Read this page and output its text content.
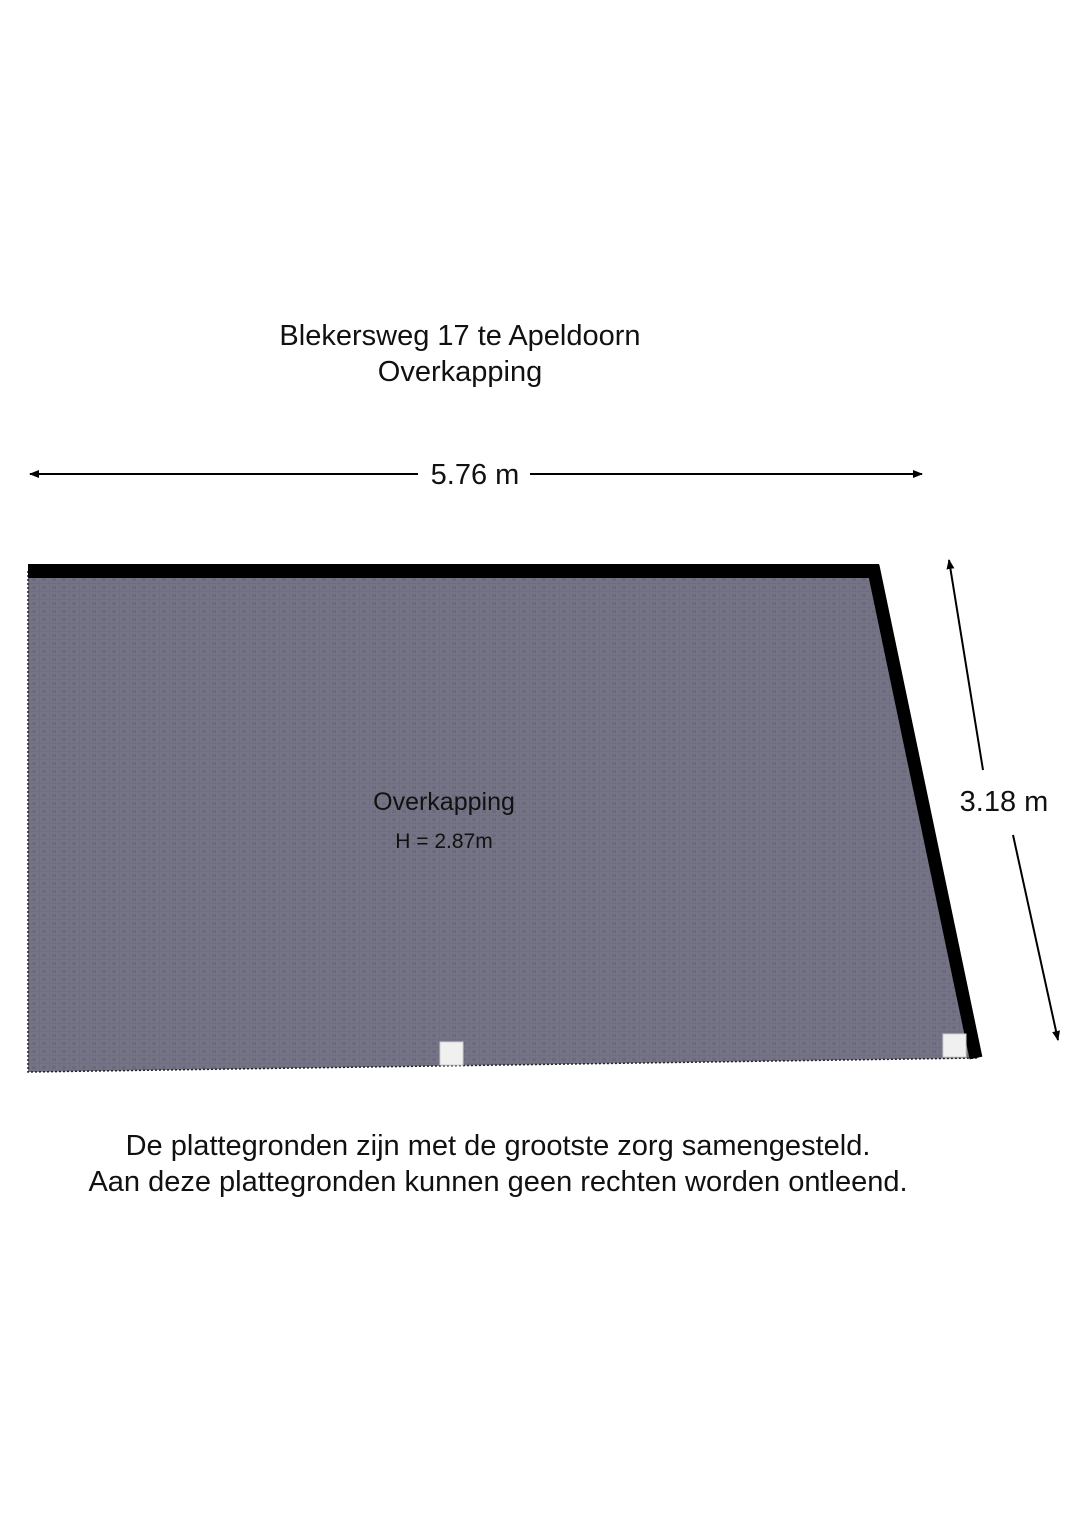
Blekersweg 17 te Apeldoorn
Overkapping
5.76 m
Overkapping
H = 2.87m
3.18 m
De plattegronden zijn met de grootste zorg samengesteld.
Aan deze plattegronden kunnen geen rechten worden ontleend.
